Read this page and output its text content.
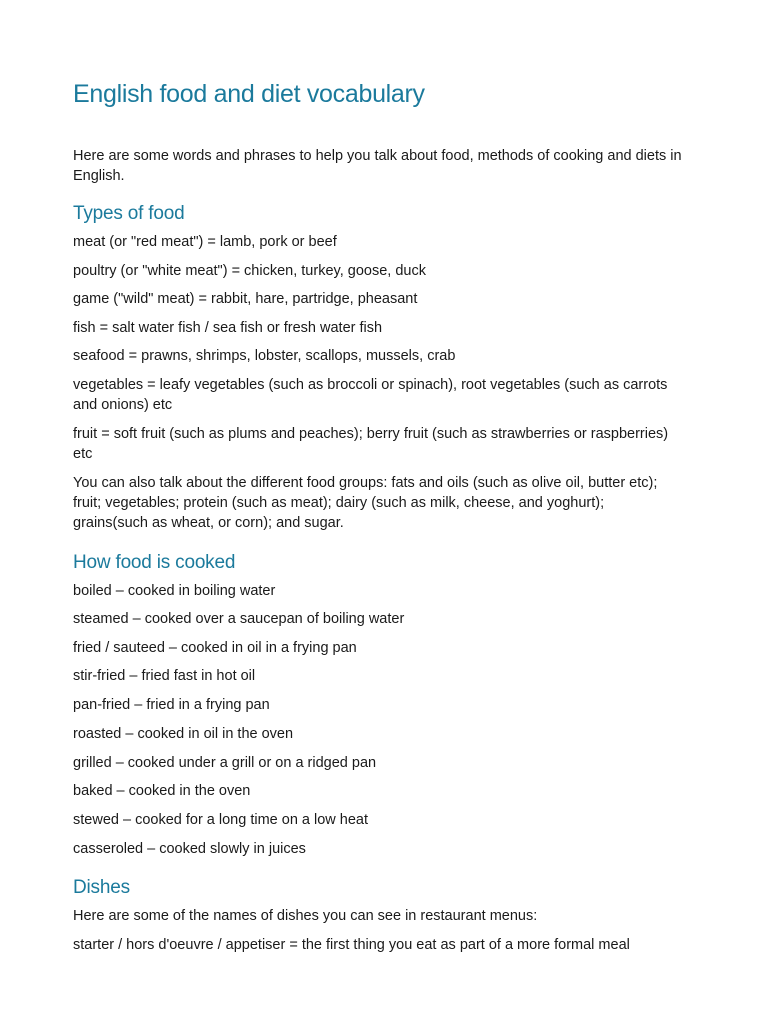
English food and diet vocabulary

Here are some words and phrases to help you talk about food, methods of cooking and diets in English.

Types of food

meat (or "red meat") = lamb, pork or beef

poultry (or "white meat") = chicken, turkey, goose, duck

game ("wild" meat) = rabbit, hare, partridge, pheasant

fish = salt water fish / sea fish or fresh water fish

seafood = prawns, shrimps, lobster, scallops, mussels, crab

vegetables = leafy vegetables (such as broccoli or spinach), root vegetables (such as carrots and onions) etc

fruit = soft fruit (such as plums and peaches); berry fruit (such as strawberries or raspberries) etc

You can also talk about the different food groups: fats and oils (such as olive oil, butter etc); fruit; vegetables; protein (such as meat); dairy (such as milk, cheese, and yoghurt); grains(such as wheat, or corn); and sugar.

How food is cooked

boiled – cooked in boiling water

steamed – cooked over a saucepan of boiling water

fried / sauteed – cooked in oil in a frying pan

stir-fried – fried fast in hot oil

pan-fried – fried in a frying pan

roasted – cooked in oil in the oven

grilled – cooked under a grill or on a ridged pan

baked – cooked in the oven

stewed – cooked for a long time on a low heat

casseroled – cooked slowly in juices

Dishes

Here are some of the names of dishes you can see in restaurant menus:

starter / hors d'oeuvre / appetiser = the first thing you eat as part of a more formal meal
